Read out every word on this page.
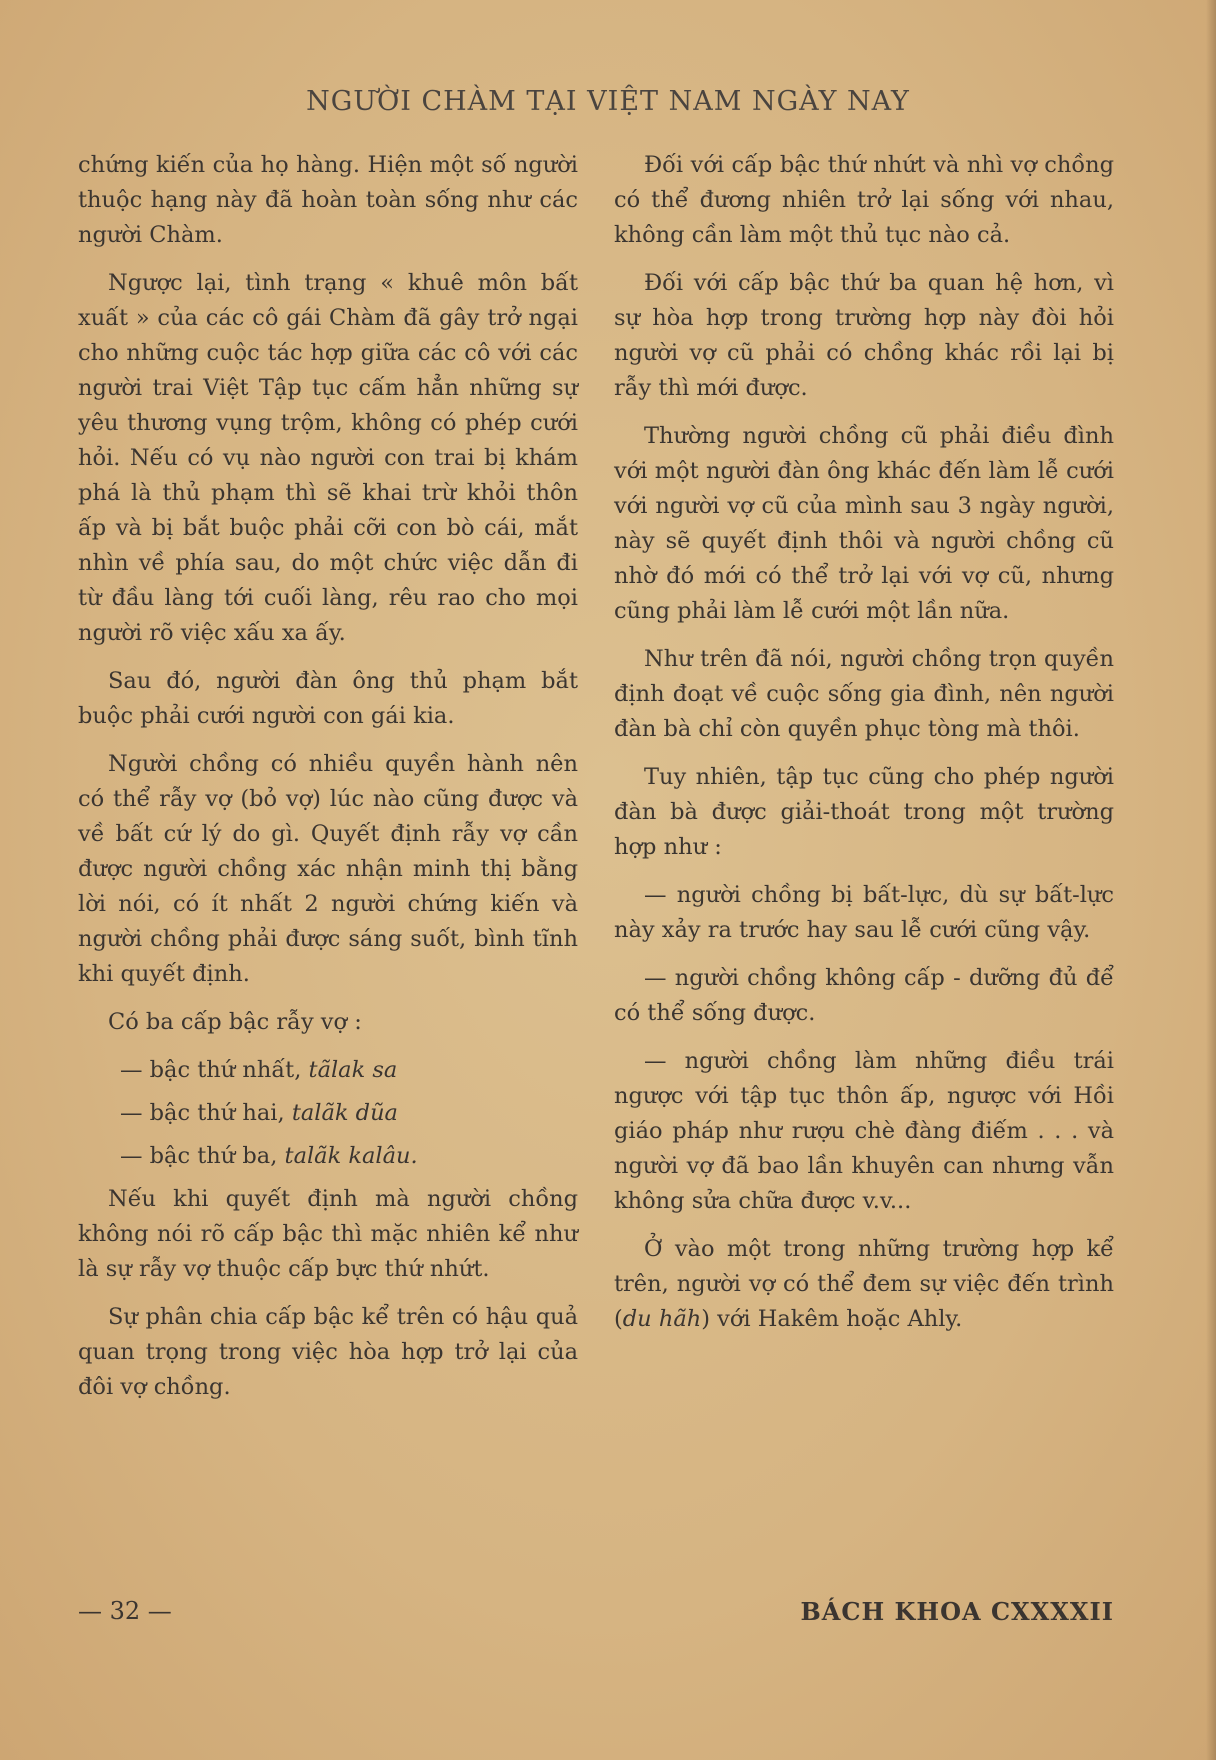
NGƯỜI CHÀM TẠI VIỆT NAM NGÀY NAY

chứng kiến của họ hàng. Hiện một số người thuộc hạng này đã hoàn toàn sống như các người Chàm.

Ngược lại, tình trạng « khuê môn bất xuất » của các cô gái Chàm đã gây trở ngại cho những cuộc tác hợp giữa các cô với các người trai Việt Tập tục cấm hẳn những sự yêu thương vụng trộm, không có phép cưới hỏi. Nếu có vụ nào người con trai bị khám phá là thủ phạm thì sẽ khai trừ khỏi thôn ấp và bị bắt buộc phải cỡi con bò cái, mắt nhìn về phía sau, do một chức việc dẫn đi từ đầu làng tới cuối làng, rêu rao cho mọi người rõ việc xấu xa ấy.

Sau đó, người đàn ông thủ phạm bắt buộc phải cưới người con gái kia.

Người chồng có nhiều quyền hành nên có thể rẫy vợ (bỏ vợ) lúc nào cũng được và về bất cứ lý do gì. Quyết định rẫy vợ cần được người chồng xác nhận minh thị bằng lời nói, có ít nhất 2 người chứng kiến và người chồng phải được sáng suốt, bình tĩnh khi quyết định.

Có ba cấp bậc rẫy vợ :

— bậc thứ nhất, tãlak sa

— bậc thứ hai, talãk dũa

— bậc thứ ba, talãk kalâu.

Nếu khi quyết định mà người chồng không nói rõ cấp bậc thì mặc nhiên kể như là sự rẫy vợ thuộc cấp bực thứ nhứt.

Sự phân chia cấp bậc kể trên có hậu quả quan trọng trong việc hòa hợp trở lại của đôi vợ chồng.

Đối với cấp bậc thứ nhứt và nhì vợ chồng có thể đương nhiên trở lại sống với nhau, không cần làm một thủ tục nào cả.

Đối với cấp bậc thứ ba quan hệ hơn, vì sự hòa hợp trong trường hợp này đòi hỏi người vợ cũ phải có chồng khác rồi lại bị rẫy thì mới được.

Thường người chồng cũ phải điều đình với một người đàn ông khác đến làm lễ cưới với người vợ cũ của mình sau 3 ngày người, này sẽ quyết định thôi và người chồng cũ nhờ đó mới có thể trở lại với vợ cũ, nhưng cũng phải làm lễ cưới một lần nữa.

Như trên đã nói, người chồng trọn quyền định đoạt về cuộc sống gia đình, nên người đàn bà chỉ còn quyền phục tòng mà thôi.

Tuy nhiên, tập tục cũng cho phép người đàn bà được giải-thoát trong một trường hợp như :

— người chồng bị bất-lực, dù sự bất-lực này xảy ra trước hay sau lễ cưới cũng vậy.

— người chồng không cấp - dưỡng đủ để có thể sống được.

— người chồng làm những điều trái ngược với tập tục thôn ấp, ngược với Hồi giáo pháp như rượu chè đàng điếm . . . và người vợ đã bao lần khuyên can nhưng vẫn không sửa chữa được v.v...

Ở vào một trong những trường hợp kể trên, người vợ có thể đem sự việc đến trình (du hãh) với Hakêm hoặc Ahly.

— 32 —	BÁCH KHOA CXXXXII
